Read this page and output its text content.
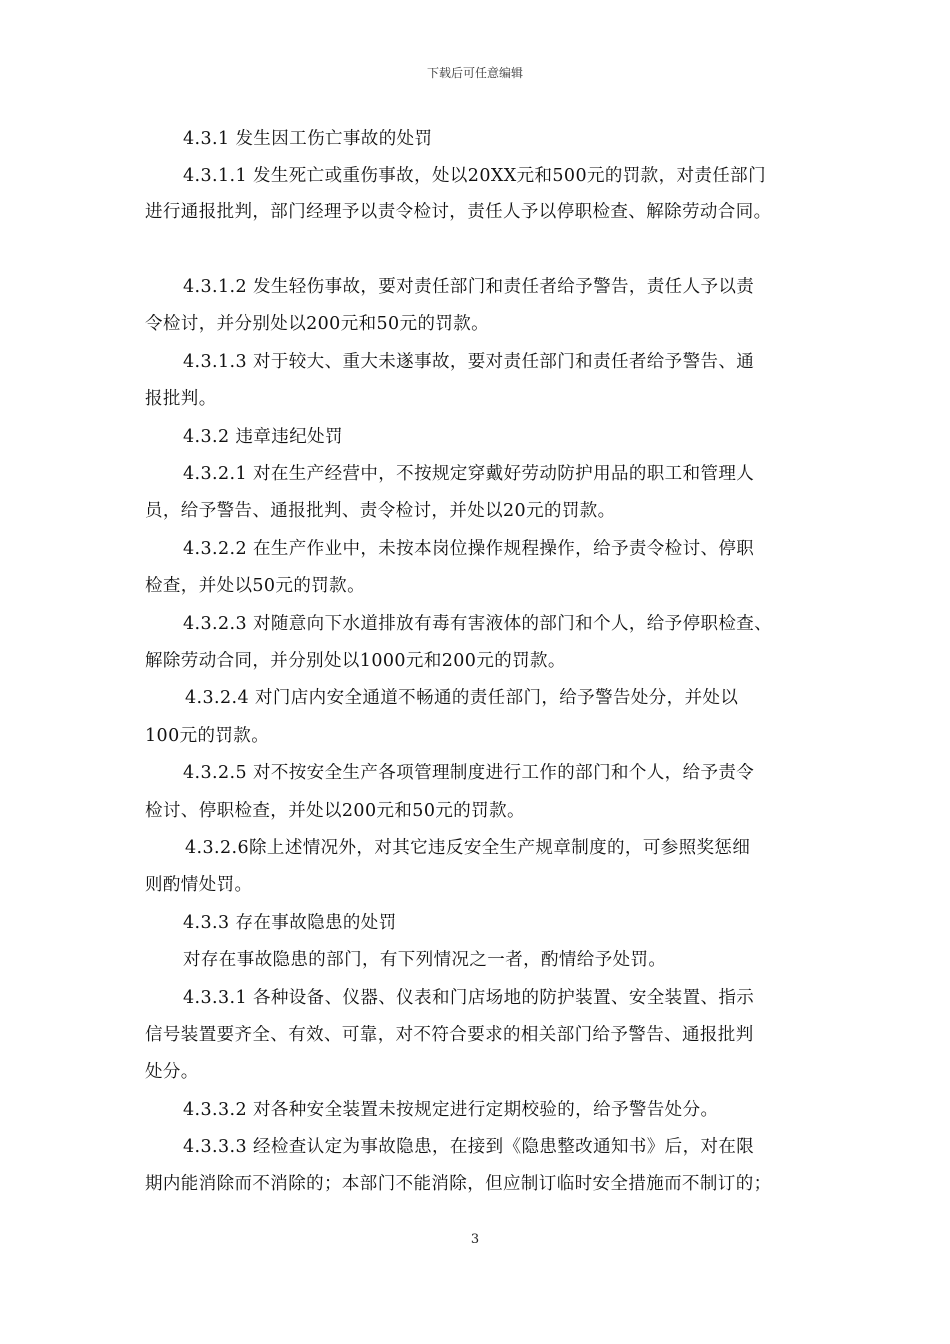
下载后可任意编辑
4.3.1 发生因工伤亡事故的处罚
4.3.1.1 发生死亡或重伤事故，处以20XX元和500元的罚款，对责任部门
进行通报批判，部门经理予以责令检讨，责任人予以停职检查、解除劳动合同。
4.3.1.2 发生轻伤事故，要对责任部门和责任者给予警告，责任人予以责
令检讨，并分别处以200元和50元的罚款。
4.3.1.3 对于较大、重大未遂事故，要对责任部门和责任者给予警告、通
报批判。
4.3.2 违章违纪处罚
4.3.2.1 对在生产经营中，不按规定穿戴好劳动防护用品的职工和管理人
员，给予警告、通报批判、责令检讨，并处以20元的罚款。
4.3.2.2 在生产作业中，未按本岗位操作规程操作，给予责令检讨、停职
检查，并处以50元的罚款。
4.3.2.3 对随意向下水道排放有毒有害液体的部门和个人，给予停职检查、
解除劳动合同，并分别处以1000元和200元的罚款。
4.3.2.4 对门店内安全通道不畅通的责任部门，给予警告处分，并处以
100元的罚款。
4.3.2.5 对不按安全生产各项管理制度进行工作的部门和个人，给予责令
检讨、停职检查，并处以200元和50元的罚款。
4.3.2.6除上述情况外，对其它违反安全生产规章制度的，可参照奖惩细
则酌情处罚。
4.3.3 存在事故隐患的处罚
对存在事故隐患的部门，有下列情况之一者，酌情给予处罚。
4.3.3.1 各种设备、仪器、仪表和门店场地的防护装置、安全装置、指示
信号装置要齐全、有效、可靠，对不符合要求的相关部门给予警告、通报批判
处分。
4.3.3.2 对各种安全装置未按规定进行定期校验的，给予警告处分。
4.3.3.3 经检查认定为事故隐患，在接到《隐患整改通知书》后，对在限
期内能消除而不消除的；本部门不能消除，但应制订临时安全措施而不制订的；
3
